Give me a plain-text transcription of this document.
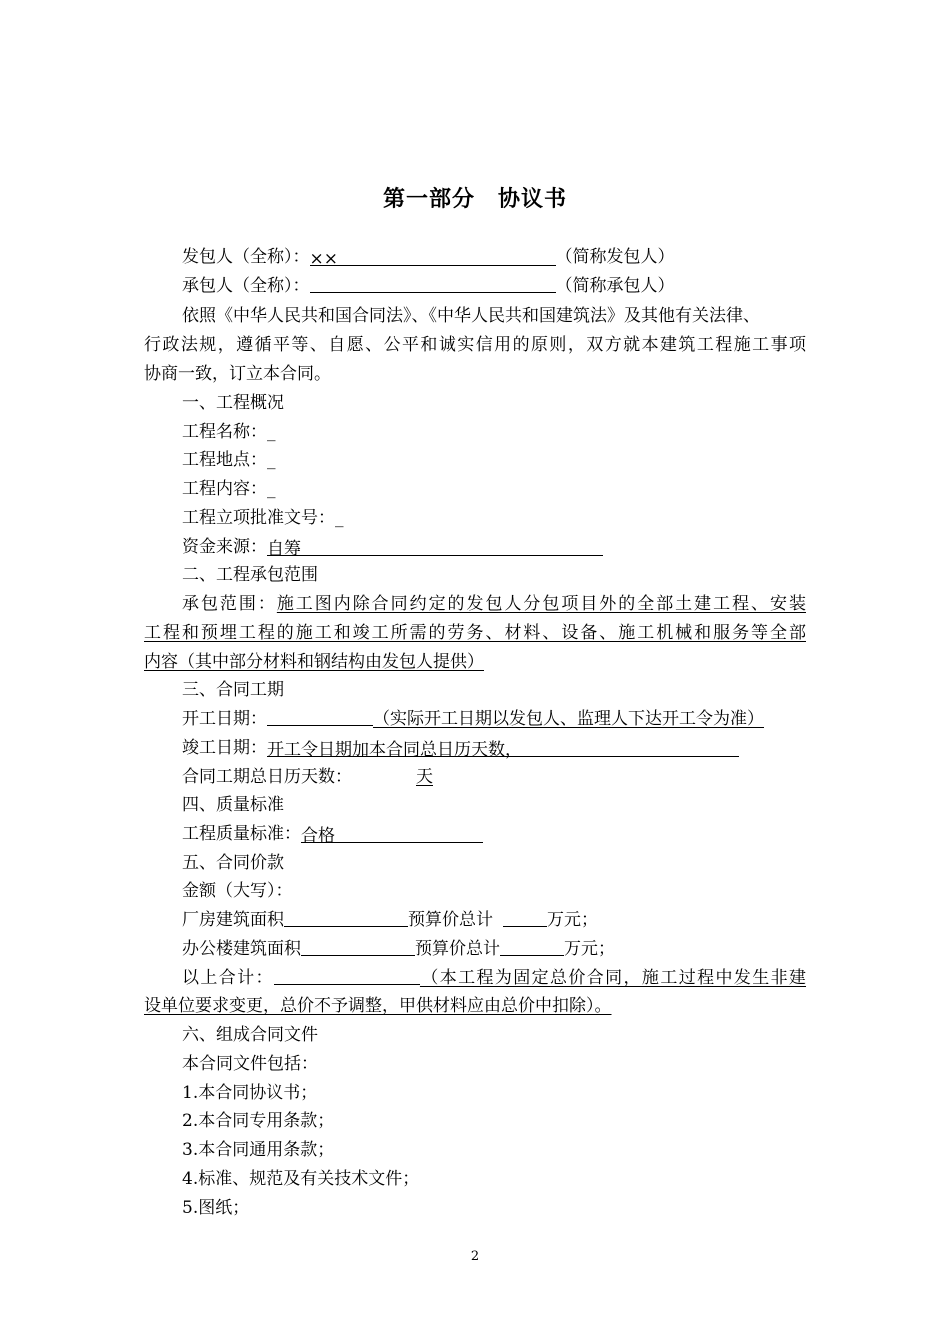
第一部分　协议书
发包人（全称）：××	（简称发包人）
承包人（全称）：	（简称承包人）
依照《中华人民共和国合同法》、《中华人民共和国建筑法》及其他有关法律、
行政法规，遵循平等、自愿、公平和诚实信用的原则，双方就本建筑工程施工事项
协商一致，订立本合同。
一、工程概况
工程名称：_
工程地点：_
工程内容：_
工程立项批准文号：_
资金来源：自筹
二、工程承包范围
承包范围：施工图内除合同约定的发包人分包项目外的全部土建工程、安装
工程和预埋工程的施工和竣工所需的劳务、材料、设备、施工机械和服务等全部
内容（其中部分材料和钢结构由发包人提供）
三、合同工期
开工日期：	（实际开工日期以发包人、监理人下达开工令为准）
竣工日期：开工令日期加本合同总日历天数，
合同工期总日历天数：	天
四、质量标准
工程质量标准：合格
五、合同价款
金额（大写）：
厂房建筑面积	预算价总计	万元；
办公楼建筑面积	预算价总计	万元；
以上合计：	（本工程为固定总价合同，施工过程中发生非建
设单位要求变更，总价不予调整，甲供材料应由总价中扣除）。
六、组成合同文件
本合同文件包括：
1.本合同协议书；
2.本合同专用条款；
3.本合同通用条款；
4.标准、规范及有关技术文件；
5.图纸；
2
